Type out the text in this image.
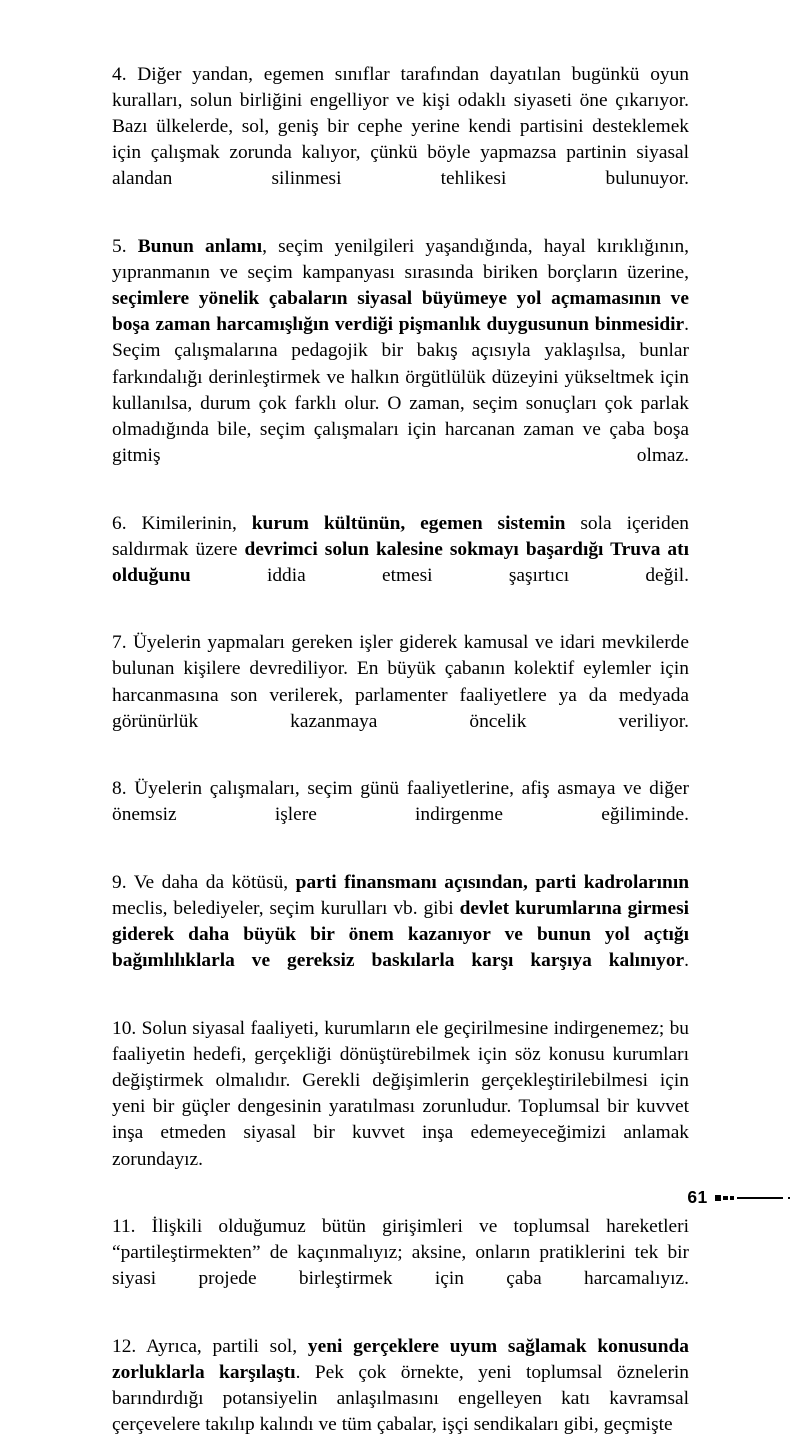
4. Diğer yandan, egemen sınıflar tarafından dayatılan bugünkü oyun kuralları, solun birliğini engelliyor ve kişi odaklı siyaseti öne çıkarıyor. Bazı ülkelerde, sol, geniş bir cephe yerine kendi partisini desteklemek için çalışmak zorunda kalıyor, çünkü böyle yapmazsa partinin siyasal alandan silinmesi tehlikesi bulunuyor.

5. Bunun anlamı, seçim yenilgileri yaşandığında, hayal kırıklığının, yıpranmanın ve seçim kampanyası sırasında biriken borçların üzerine, seçimlere yönelik çabaların siyasal büyümeye yol açmamasının ve boşa zaman harcamışlığın verdiği pişmanlık duygusunun binmesidir. Seçim çalışmalarına pedagojik bir bakış açısıyla yaklaşılsa, bunlar farkındalığı derinleştirmek ve halkın örgütlülük düzeyini yükseltmek için kullanılsa, durum çok farklı olur. O zaman, seçim sonuçları çok parlak olmadığında bile, seçim çalışmaları için harcanan zaman ve çaba boşa gitmiş olmaz.

6. Kimilerinin, kurum kültünün, egemen sistemin sola içeriden saldırmak üzere devrimci solun kalesine sokmayı başardığı Truva atı olduğunu iddia etmesi şaşırtıcı değil.

7. Üyelerin yapmaları gereken işler giderek kamusal ve idari mevkilerde bulunan kişilere devrediliyor. En büyük çabanın kolektif eylemler için harcanmasına son verilerek, parlamenter faaliyetlere ya da medyada görünürlük kazanmaya öncelik veriliyor.

8. Üyelerin çalışmaları, seçim günü faaliyetlerine, afiş asmaya ve diğer önemsiz işlere indirgenme eğiliminde.

9. Ve daha da kötüsü, parti finansmanı açısından, parti kadrolarının meclis, belediyeler, seçim kurulları vb. gibi devlet kurumlarına girmesi giderek daha büyük bir önem kazanıyor ve bunun yol açtığı bağımlılıklarla ve gereksiz baskılarla karşı karşıya kalınıyor.

10. Solun siyasal faaliyeti, kurumların ele geçirilmesine indirgenemez; bu faaliyetin hedefi, gerçekliği dönüştürebilmek için söz konusu kurumları değiştirmek olmalıdır. Gerekli değişimlerin gerçekleştirilebilmesi için yeni bir güçler dengesinin yaratılması zorunludur. Toplumsal bir kuvvet inşa etmeden siyasal bir kuvvet inşa edemeyeceğimizi anlamak zorundayız.

11. İlişkili olduğumuz bütün girişimleri ve toplumsal hareketleri “partileştirmekten” de kaçınmalıyız; aksine, onların pratiklerini tek bir siyasi projede birleştirmek için çaba harcamalıyız.

12. Ayrıca, partili sol, yeni gerçeklere uyum sağlamak konusunda zorluklarla karşılaştı. Pek çok örnekte, yeni toplumsal öznelerin barındırdığı potansiyelin anlaşılmasını engelleyen katı kavramsal çerçevelere takılıp kalındı ve tüm çabalar, işçi sendikaları gibi, geçmişte

61
